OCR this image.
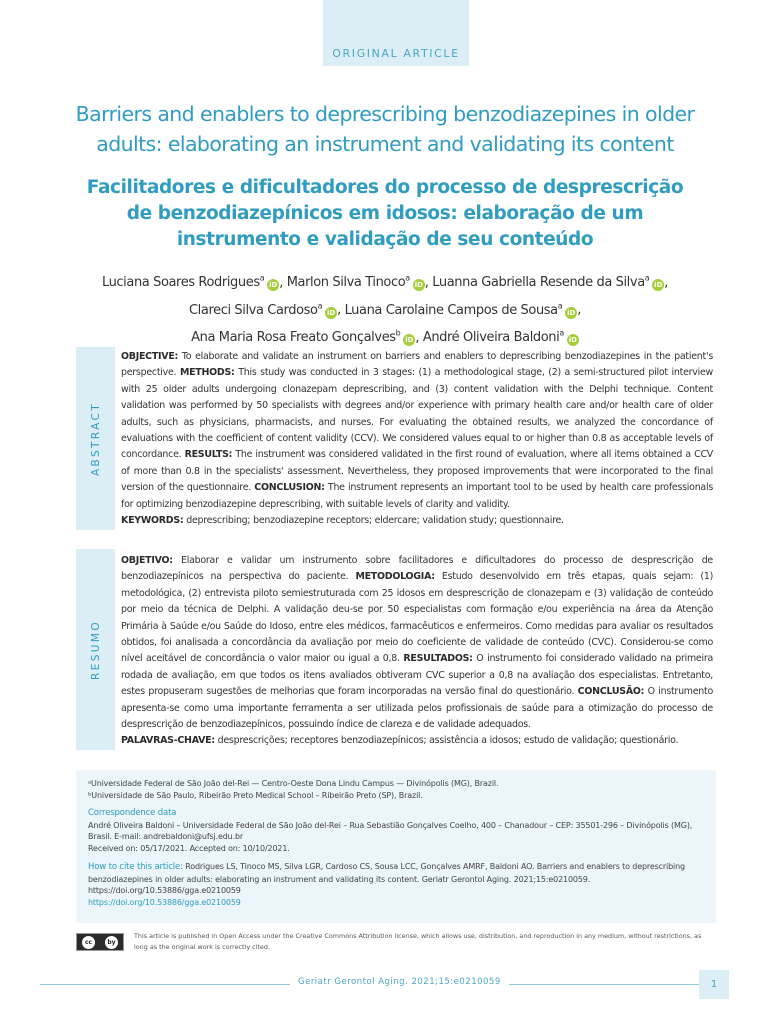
ORIGINAL ARTICLE
Barriers and enablers to deprescribing benzodiazepines in older adults: elaborating an instrument and validating its content
Facilitadores e dificultadores do processo de desprescrição de benzodiazepínicos em idosos: elaboração de um instrumento e validação de seu conteúdo
Luciana Soares Rodrigues$^a$iD , Marlon Silva Tinoco$^a$iD , Luanna Gabriella Resende da Silva$^a$iD ,
Clareci Silva Cardoso$^a$iD , Luana Carolaine Campos de Sousa$^a$iD ,
Ana Maria Rosa Freato Gonçalves$^b$iD , André Oliveira Baldoni$^a$iD
ABSTRACT
OBJECTIVE: To elaborate and validate an instrument on barriers and enablers to deprescribing benzodiazepines in the patient's perspective. METHODS: This study was conducted in 3 stages: (1) a methodological stage, (2) a semi-structured pilot interview with 25 older adults undergoing clonazepam deprescribing, and (3) content validation with the Delphi technique. Content validation was performed by 50 specialists with degrees and/or experience with primary health care and/or health care of older adults, such as physicians, pharmacists, and nurses. For evaluating the obtained results, we analyzed the concordance of evaluations with the coefficient of content validity (CCV). We considered values equal to or higher than 0.8 as acceptable levels of concordance. RESULTS: The instrument was considered validated in the first round of evaluation, where all items obtained a CCV of more than 0.8 in the specialists' assessment. Nevertheless, they proposed improvements that were incorporated to the final version of the questionnaire. CONCLUSION: The instrument represents an important tool to be used by health care professionals for optimizing benzodiazepine deprescribing, with suitable levels of clarity and validity.
KEYWORDS: deprescribing; benzodiazepine receptors; eldercare; validation study; questionnaire.
RESUMO
OBJETIVO: Elaborar e validar um instrumento sobre facilitadores e dificultadores do processo de desprescrição de benzodiazepínicos na perspectiva do paciente. METODOLOGIA: Estudo desenvolvido em três etapas, quais sejam: (1) metodológica, (2) entrevista piloto semiestruturada com 25 idosos em desprescrição de clonazepam e (3) validação de conteúdo por meio da técnica de Delphi. A validação deu-se por 50 especialistas com formação e/ou experiência na área da Atenção Primária à Saúde e/ou Saúde do Idoso, entre eles médicos, farmacêuticos e enfermeiros. Como medidas para avaliar os resultados obtidos, foi analisada a concordância da avaliação por meio do coeficiente de validade de conteúdo (CVC). Considerou-se como nível aceitável de concordância o valor maior ou igual a 0,8. RESULTADOS: O instrumento foi considerado validado na primeira rodada de avaliação, em que todos os itens avaliados obtiveram CVC superior a 0,8 na avaliação dos especialistas. Entretanto, estes propuseram sugestões de melhorias que foram incorporadas na versão final do questionário. CONCLUSÃO: O instrumento apresenta-se como uma importante ferramenta a ser utilizada pelos profissionais de saúde para a otimização do processo de desprescrição de benzodiazepínicos, possuindo índice de clareza e de validade adequados.
PALAVRAS-CHAVE: desprescrições; receptores benzodiazepínicos; assistência a idosos; estudo de validação; questionário.
ᵃUniversidade Federal de São João del-Rei — Centro-Oeste Dona Lindu Campus — Divinópolis (MG), Brazil.
ᵇUniversidade de São Paulo, Ribeirão Preto Medical School – Ribeirão Preto (SP), Brazil.
Correspondence data
André Oliveira Baldoni – Universidade Federal de São João del-Rei – Rua Sebastião Gonçalves Coelho, 400 – Chanadour – CEP: 35501-296 – Divinópolis (MG), Brasil. E-mail: andrebaldoni@ufsj.edu.br
Received on: 05/17/2021. Accepted on: 10/10/2021.
How to cite this article: Rodrigues LS, Tinoco MS, Silva LGR, Cardoso CS, Sousa LCC, Gonçalves AMRF, Baldoni AO. Barriers and enablers to deprescribing benzodiazepines in older adults: elaborating an instrument and validating its content. Geriatr Gerontol Aging. 2021;15:e0210059. https://doi.org/10.53886/gga.e0210059
https://doi.org/10.53886/gga.e0210059
cc	by
This article is published in Open Access under the Creative Commons Attribution license, which allows use, distribution, and reproduction in any medium, without restrictions, as long as the original work is correctly cited.
Geriatr Gerontol Aging. 2021;15:e0210059	1
